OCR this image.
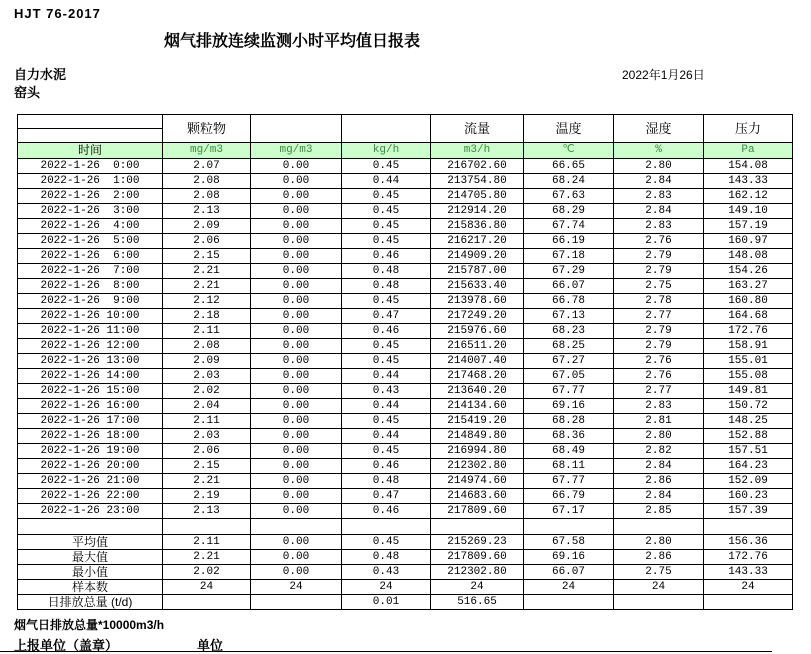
HJT 76-2017
烟气排放连续监测小时平均值日报表
自力水泥
窑头
2022年1月26日
	颗粒物			流量	温度	湿度	压力
时间	mg/m3	mg/m3	kg/h	m3/h	℃	%	Pa
2022-1-26  0:00	2.07	0.00	0.45	216702.60	66.65	2.80	154.08
2022-1-26  1:00	2.08	0.00	0.44	213754.80	68.24	2.84	143.33
2022-1-26  2:00	2.08	0.00	0.45	214705.80	67.63	2.83	162.12
2022-1-26  3:00	2.13	0.00	0.45	212914.20	68.29	2.84	149.10
2022-1-26  4:00	2.09	0.00	0.45	215836.80	67.74	2.83	157.19
2022-1-26  5:00	2.06	0.00	0.45	216217.20	66.19	2.76	160.97
2022-1-26  6:00	2.15	0.00	0.46	214909.20	67.18	2.79	148.08
2022-1-26  7:00	2.21	0.00	0.48	215787.00	67.29	2.79	154.26
2022-1-26  8:00	2.21	0.00	0.48	215633.40	66.07	2.75	163.27
2022-1-26  9:00	2.12	0.00	0.45	213978.60	66.78	2.78	160.80
2022-1-26 10:00	2.18	0.00	0.47	217249.20	67.13	2.77	164.68
2022-1-26 11:00	2.11	0.00	0.46	215976.60	68.23	2.79	172.76
2022-1-26 12:00	2.08	0.00	0.45	216511.20	68.25	2.79	158.91
2022-1-26 13:00	2.09	0.00	0.45	214007.40	67.27	2.76	155.01
2022-1-26 14:00	2.03	0.00	0.44	217468.20	67.05	2.76	155.08
2022-1-26 15:00	2.02	0.00	0.43	213640.20	67.77	2.77	149.81
2022-1-26 16:00	2.04	0.00	0.44	214134.60	69.16	2.83	150.72
2022-1-26 17:00	2.11	0.00	0.45	215419.20	68.28	2.81	148.25
2022-1-26 18:00	2.03	0.00	0.44	214849.80	68.36	2.80	152.88
2022-1-26 19:00	2.06	0.00	0.45	216994.80	68.49	2.82	157.51
2022-1-26 20:00	2.15	0.00	0.46	212302.80	68.11	2.84	164.23
2022-1-26 21:00	2.21	0.00	0.48	214974.60	67.77	2.86	152.09
2022-1-26 22:00	2.19	0.00	0.47	214683.60	66.79	2.84	160.23
2022-1-26 23:00	2.13	0.00	0.46	217809.60	67.17	2.85	157.39

平均值	2.11	0.00	0.45	215269.23	67.58	2.80	156.36
最大值	2.21	0.00	0.48	217809.60	69.16	2.86	172.76
最小值	2.02	0.00	0.43	212302.80	66.07	2.75	143.33
样本数	24	24	24	24	24	24	24
日排放总量 (t/d)			0.01	516.65			
烟气日排放总量*10000m3/h
上报单位（盖章）	单位
